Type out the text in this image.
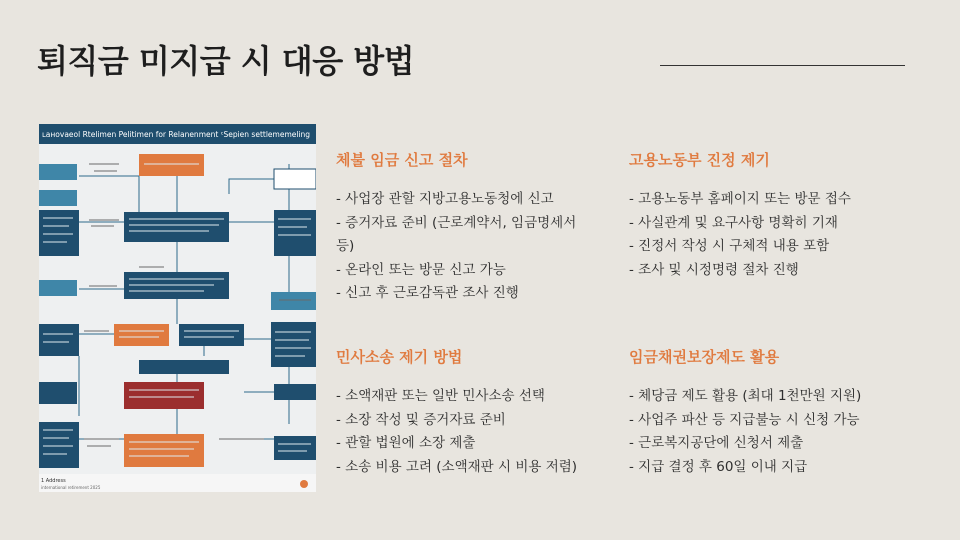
퇴직금 미지급 시 대응 방법
ʟaʜovaeol Rtelimen Pelitimen for Relanenment ᶜSepien settlememeling
1 Address
international retirement 2025
체불 임금 신고 절차
- 사업장 관할 지방고용노동청에 신고
- 증거자료 준비 (근로계약서, 임금명세서 등)
- 온라인 또는 방문 신고 가능
- 신고 후 근로감독관 조사 진행
고용노동부 진정 제기
- 고용노동부 홈페이지 또는 방문 접수
- 사실관계 및 요구사항 명확히 기재
- 진정서 작성 시 구체적 내용 포함
- 조사 및 시정명령 절차 진행
민사소송 제기 방법
- 소액재판 또는 일반 민사소송 선택
- 소장 작성 및 증거자료 준비
- 관할 법원에 소장 제출
- 소송 비용 고려 (소액재판 시 비용 저렴)
임금채권보장제도 활용
- 체당금 제도 활용 (최대 1천만원 지원)
- 사업주 파산 등 지급불능 시 신청 가능
- 근로복지공단에 신청서 제출
- 지급 결정 후 60일 이내 지급
